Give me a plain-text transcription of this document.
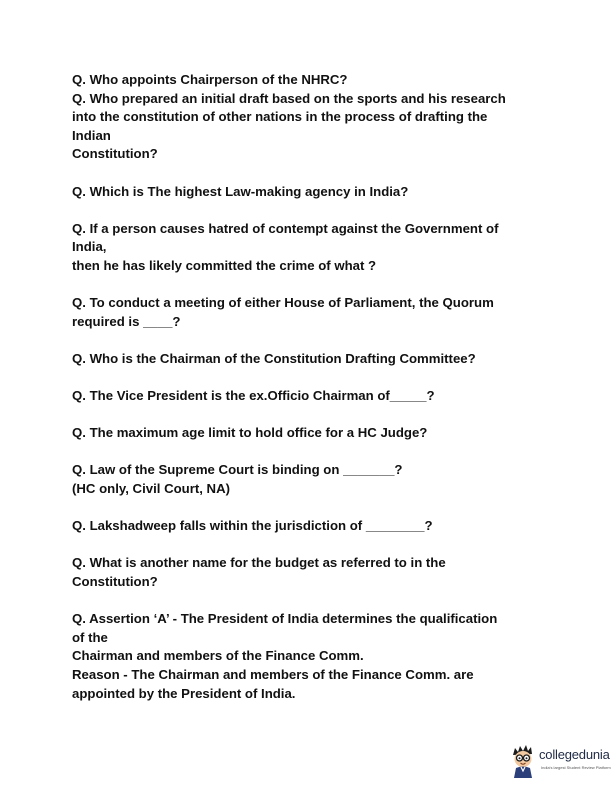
Q. Who appoints Chairperson of the NHRC?
Q. Who prepared an initial draft based on the sports and his research
into the constitution of other nations in the process of drafting the
Indian
Constitution?
Q. Which is The highest Law-making agency in India?
Q. If a person causes hatred of contempt against the Government of
India,
then he has likely committed the crime of what ?
Q. To conduct a meeting of either House of Parliament, the Quorum
required is ____?
Q. Who is the Chairman of the Constitution Drafting Committee?
Q. The Vice President is the ex.Officio Chairman of_____?
Q. The maximum age limit to hold office for a HC Judge?
Q. Law of the Supreme Court is binding on _______?
(HC only, Civil Court, NA)
Q. Lakshadweep falls within the jurisdiction of ________?
Q. What is another name for the budget as referred to in the
Constitution?
Q. Assertion ‘A’ - The President of India determines the qualification
of the
Chairman and members of the Finance Comm.
Reason - The Chairman and members of the Finance Comm. are
appointed by the President of India.
collegedunia
India's largest Student Review Platform
